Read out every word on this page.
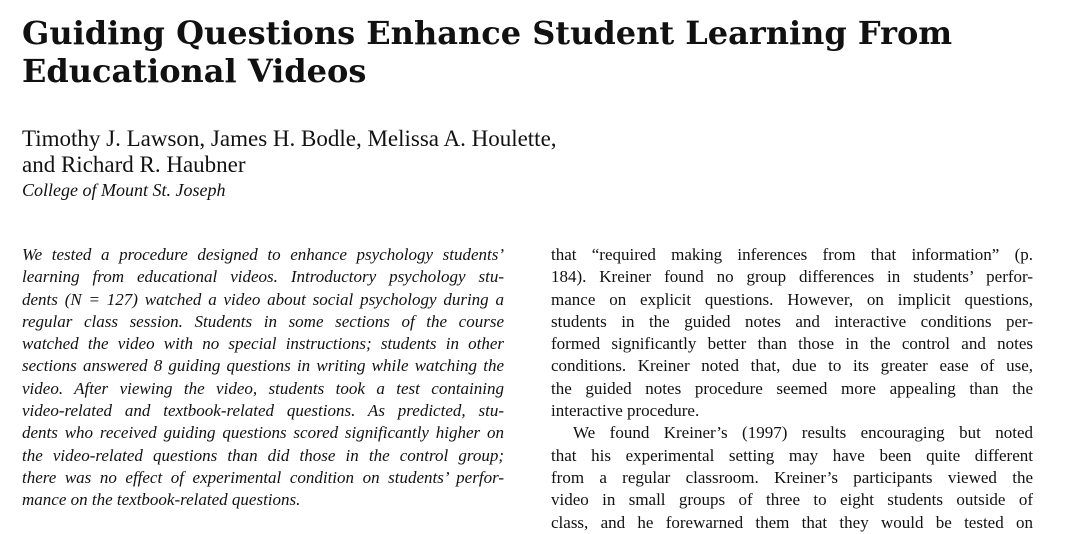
Guiding Questions Enhance Student Learning From
Educational Videos
Timothy J. Lawson, James H. Bodle, Melissa A. Houlette,
and Richard R. Haubner
College of Mount St. Joseph
We tested a procedure designed to enhance psychology students’
learning from educational videos. Introductory psychology stu-
dents (N = 127) watched a video about social psychology during a
regular class session. Students in some sections of the course
watched the video with no special instructions; students in other
sections answered 8 guiding questions in writing while watching the
video. After viewing the video, students took a test containing
video-related and textbook-related questions. As predicted, stu-
dents who received guiding questions scored significantly higher on
the video-related questions than did those in the control group;
there was no effect of experimental condition on students’ perfor-
mance on the textbook-related questions.
that “required making inferences from that information” (p.
184). Kreiner found no group differences in students’ perfor-
mance on explicit questions. However, on implicit questions,
students in the guided notes and interactive conditions per-
formed significantly better than those in the control and notes
conditions. Kreiner noted that, due to its greater ease of use,
the guided notes procedure seemed more appealing than the
interactive procedure.
We found Kreiner’s (1997) results encouraging but noted
that his experimental setting may have been quite different
from a regular classroom. Kreiner’s participants viewed the
video in small groups of three to eight students outside of
class, and he forewarned them that they would be tested on
